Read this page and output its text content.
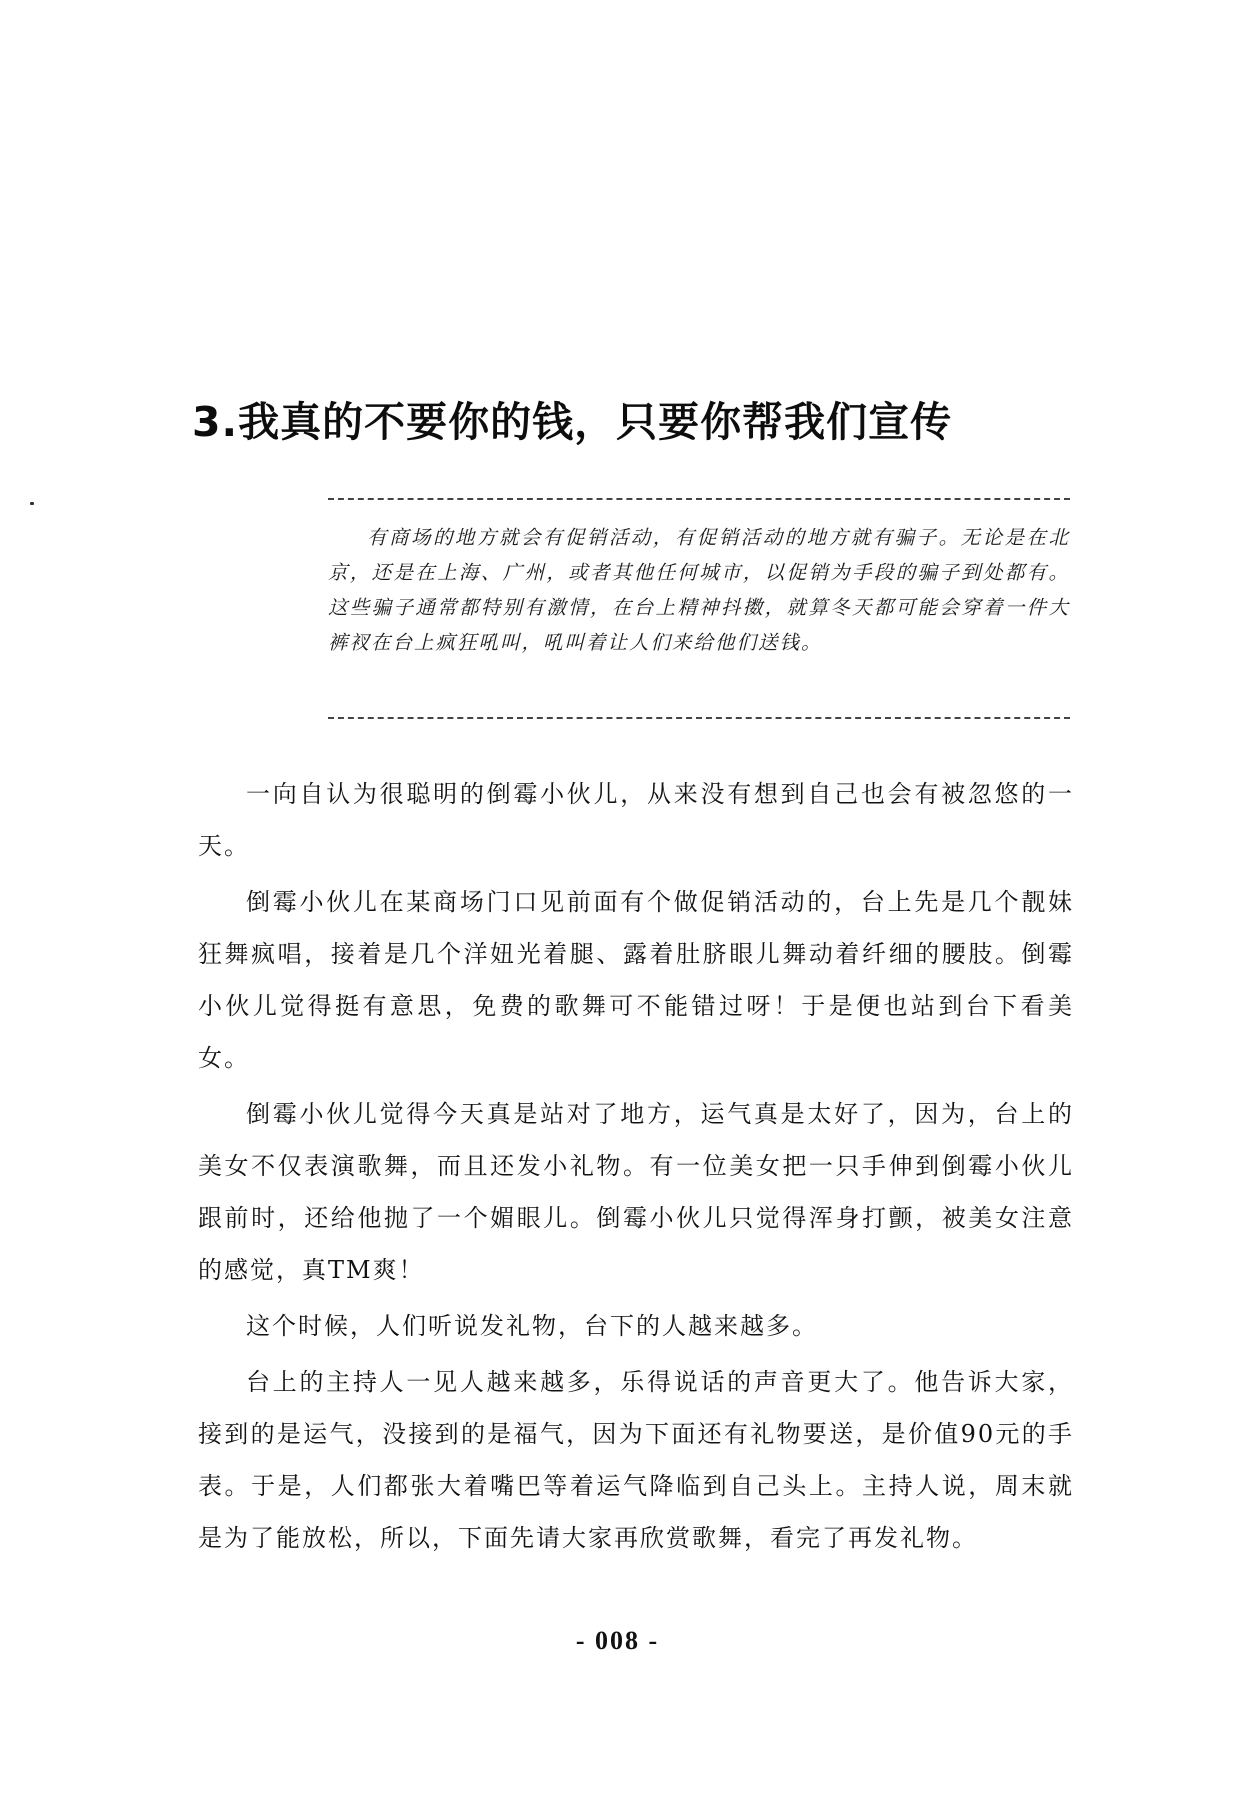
3.我真的不要你的钱，只要你帮我们宣传

有商场的地方就会有促销活动，有促销活动的地方就有骗子。无论是在北京，还是在上海、广州，或者其他任何城市，以促销为手段的骗子到处都有。这些骗子通常都特别有激情，在台上精神抖擞，就算冬天都可能会穿着一件大裤衩在台上疯狂吼叫，吼叫着让人们来给他们送钱。

一向自认为很聪明的倒霉小伙儿，从来没有想到自己也会有被忽悠的一天。

倒霉小伙儿在某商场门口见前面有个做促销活动的，台上先是几个靓妹狂舞疯唱，接着是几个洋妞光着腿、露着肚脐眼儿舞动着纤细的腰肢。倒霉小伙儿觉得挺有意思，免费的歌舞可不能错过呀！于是便也站到台下看美女。

倒霉小伙儿觉得今天真是站对了地方，运气真是太好了，因为，台上的美女不仅表演歌舞，而且还发小礼物。有一位美女把一只手伸到倒霉小伙儿跟前时，还给他抛了一个媚眼儿。倒霉小伙儿只觉得浑身打颤，被美女注意的感觉，真TM爽！

这个时候，人们听说发礼物，台下的人越来越多。

台上的主持人一见人越来越多，乐得说话的声音更大了。他告诉大家，接到的是运气，没接到的是福气，因为下面还有礼物要送，是价值90元的手表。于是，人们都张大着嘴巴等着运气降临到自己头上。主持人说，周末就是为了能放松，所以，下面先请大家再欣赏歌舞，看完了再发礼物。

- 008 -
